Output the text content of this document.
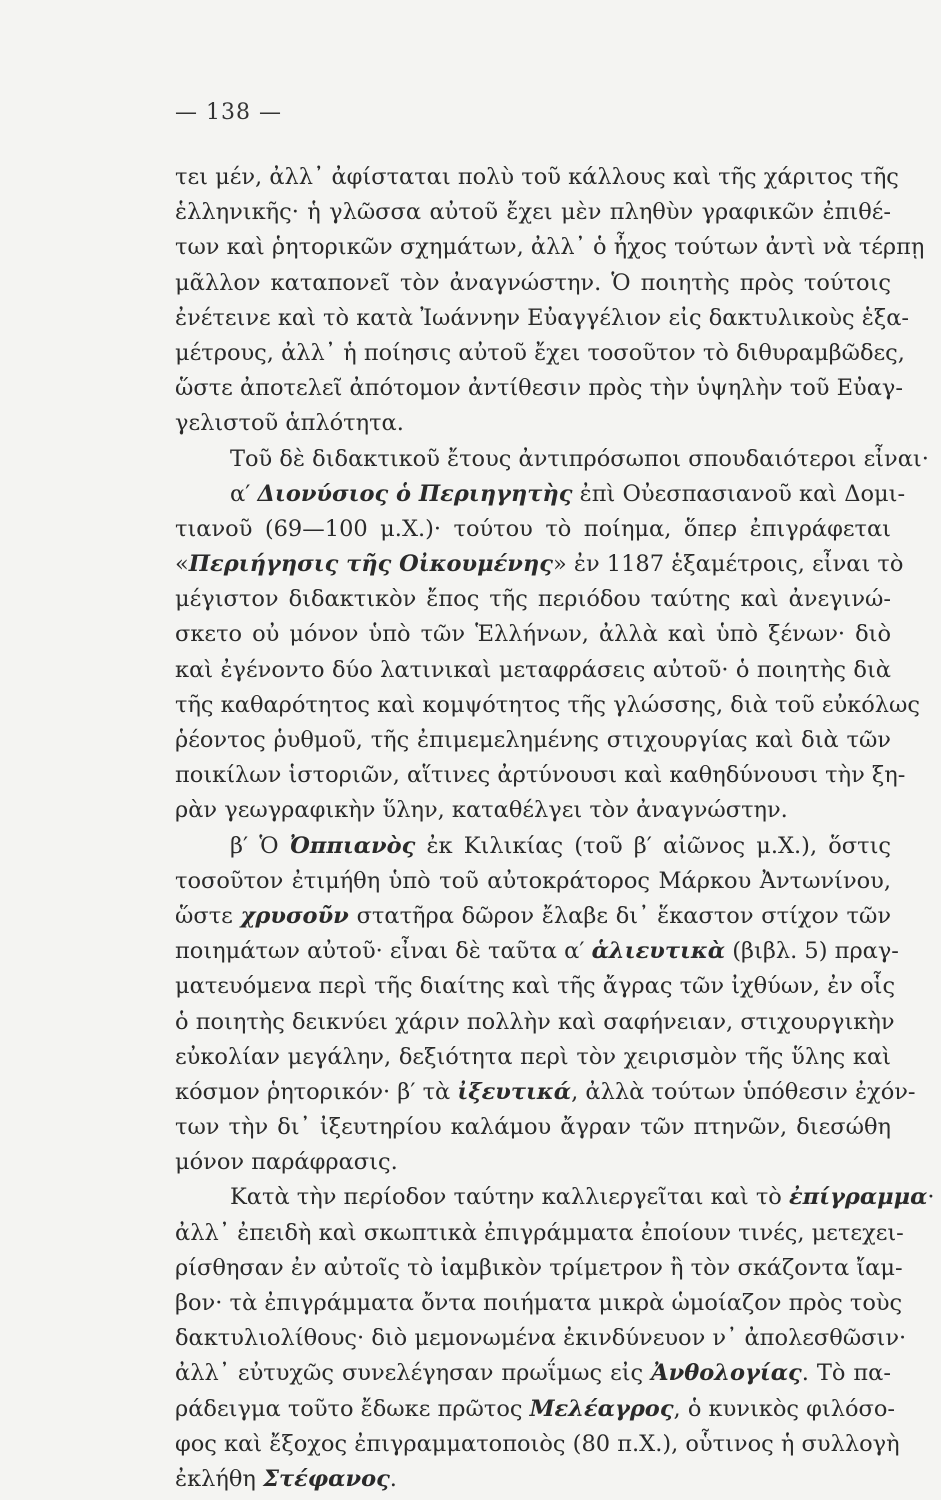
— 138 —
τει μέν, ἀλλ᾽ ἀφίσταται πολὺ τοῦ κάλλους καὶ τῆς χάριτος τῆς
ἑλληνικῆς· ἡ γλῶσσα αὐτοῦ ἔχει μὲν πληθὺν γραφικῶν ἐπιθέ-
των καὶ ῥητορικῶν σχημάτων, ἀλλ᾽ ὁ ἦχος τούτων ἀντὶ νὰ τέρπῃ
μᾶλλον καταπονεῖ τὸν ἀναγνώστην. Ὁ ποιητὴς πρὸς τούτοις
ἐνέτεινε καὶ τὸ κατὰ Ἰωάννην Εὐαγγέλιον εἰς δακτυλικοὺς ἑξα-
μέτρους, ἀλλ᾽ ἡ ποίησις αὐτοῦ ἔχει τοσοῦτον τὸ διθυραμβῶδες,
ὥστε ἀποτελεῖ ἀπότομον ἀντίθεσιν πρὸς τὴν ὑψηλὴν τοῦ Εὐαγ-
γελιστοῦ ἁπλότητα.
Τοῦ δὲ διδακτικοῦ ἔτους ἀντιπρόσωποι σπουδαιότεροι εἶναι·
α′ Διονύσιος ὁ Περιηγητὴς ἐπὶ Οὐεσπασιανοῦ καὶ Δομι-
τιανοῦ (69—100 μ.Χ.)· τούτου τὸ ποίημα, ὅπερ ἐπιγράφεται
«Περιήγησις τῆς Οἰκουμένης» ἐν 1187 ἑξαμέτροις, εἶναι τὸ
μέγιστον διδακτικὸν ἔπος τῆς περιόδου ταύτης καὶ ἀνεγινώ-
σκετο οὐ μόνον ὑπὸ τῶν Ἑλλήνων, ἀλλὰ καὶ ὑπὸ ξένων· διὸ
καὶ ἐγένοντο δύο λατινικαὶ μεταφράσεις αὐτοῦ· ὁ ποιητὴς διὰ
τῆς καθαρότητος καὶ κομψότητος τῆς γλώσσης, διὰ τοῦ εὐκόλως
ῥέοντος ῥυθμοῦ, τῆς ἐπιμεμελημένης στιχουργίας καὶ διὰ τῶν
ποικίλων ἱστοριῶν, αἵτινες ἀρτύνουσι καὶ καθηδύνουσι τὴν ξη-
ρὰν γεωγραφικὴν ὕλην, καταθέλγει τὸν ἀναγνώστην.
β′ Ὁ Ὀππιανὸς ἐκ Κιλικίας (τοῦ β′ αἰῶνος μ.Χ.), ὅστις
τοσοῦτον ἐτιμήθη ὑπὸ τοῦ αὐτοκράτορος Μάρκου Ἀντωνίνου,
ὥστε χρυσοῦν στατῆρα δῶρον ἔλαβε δι᾽ ἕκαστον στίχον τῶν
ποιημάτων αὐτοῦ· εἶναι δὲ ταῦτα α′ ἁλιευτικὰ (βιβλ. 5) πραγ-
ματευόμενα περὶ τῆς διαίτης καὶ τῆς ἄγρας τῶν ἰχθύων, ἐν οἷς
ὁ ποιητὴς δεικνύει χάριν πολλὴν καὶ σαφήνειαν, στιχουργικὴν
εὐκολίαν μεγάλην, δεξιότητα περὶ τὸν χειρισμὸν τῆς ὕλης καὶ
κόσμον ῥητορικόν· β′ τὰ ἰξευτικά, ἀλλὰ τούτων ὑπόθεσιν ἐχόν-
των τὴν δι᾽ ἰξευτηρίου καλάμου ἄγραν τῶν πτηνῶν, διεσώθη
μόνον παράφρασις.
Κατὰ τὴν περίοδον ταύτην καλλιεργεῖται καὶ τὸ ἐπίγραμμα·
ἀλλ᾽ ἐπειδὴ καὶ σκωπτικὰ ἐπιγράμματα ἐποίουν τινές, μετεχει-
ρίσθησαν ἐν αὐτοῖς τὸ ἰαμβικὸν τρίμετρον ἢ τὸν σκάζοντα ἴαμ-
βον· τὰ ἐπιγράμματα ὄντα ποιήματα μικρὰ ὡμοίαζον πρὸς τοὺς
δακτυλιολίθους· διὸ μεμονωμένα ἐκινδύνευον ν᾽ ἀπολεσθῶσιν·
ἀλλ᾽ εὐτυχῶς συνελέγησαν πρωΐμως εἰς Ἀνθολογίας. Τὸ πα-
ράδειγμα τοῦτο ἔδωκε πρῶτος Μελέαγρος, ὁ κυνικὸς φιλόσο-
φος καὶ ἔξοχος ἐπιγραμματοποιὸς (80 π.Χ.), οὗτινος ἡ συλλογὴ
ἐκλήθη Στέφανος.
